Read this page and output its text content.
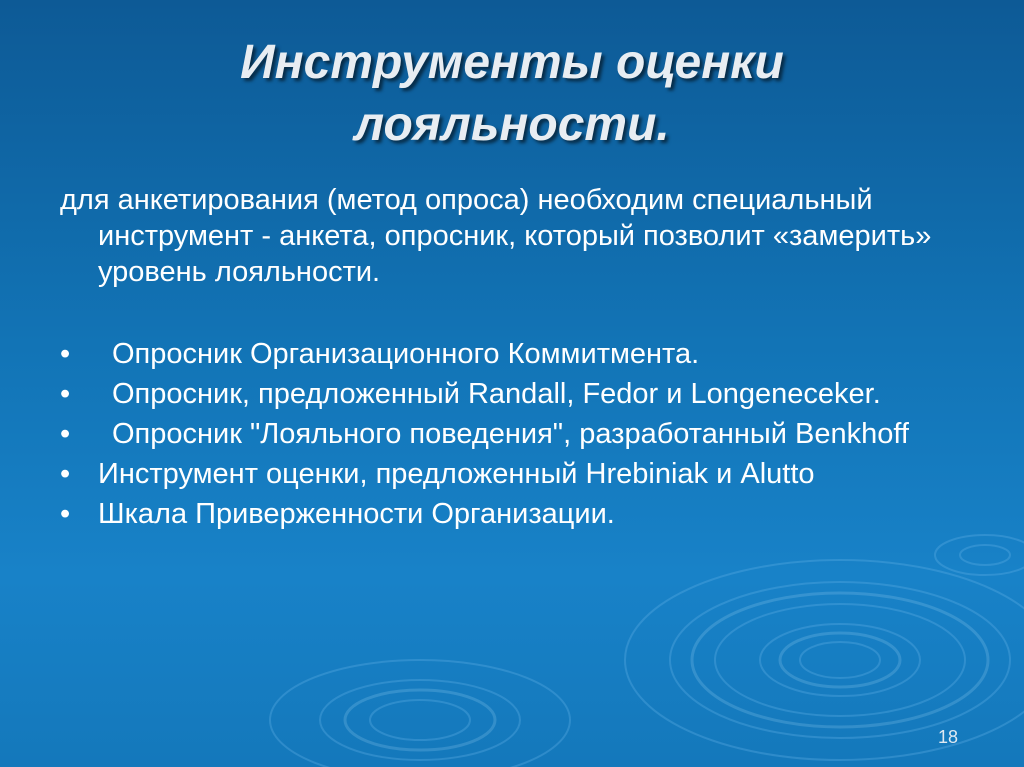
Инструменты оценки
лояльности.

для анкетирования (метод опроса) необходим специальный инструмент - анкета, опросник, который позволит «замерить» уровень лояльности.

• Опросник Организационного Коммитмента.
• Опросник, предложенный Randall, Fedor и Longeneceker.
• Опросник "Лояльного поведения", разработанный Benkhoff
• Инструмент оценки, предложенный Hrebiniak и Alutto
• Шкала Приверженности Организации.
18
